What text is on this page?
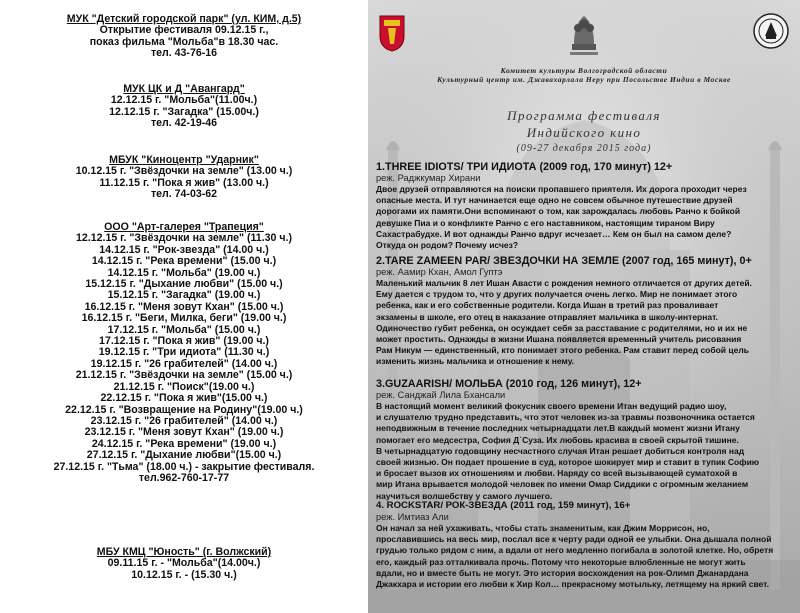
МУК "Детский городской парк" (ул. КИМ, д.5)
Открытие фестиваля 09.12.15 г.,
показ фильма "Мольба"в 18.30 час.
тел. 43-76-16
МУК ЦК и Д "Авангард"
12.12.15 г. "Мольба"(11.00ч.)
12.12.15 г. "Загадка" (15.00ч.)
тел. 42-19-46
МБУК "Киноцентр "Ударник"
10.12.15 г. "Звёздочки на земле" (13.00 ч.)
11.12.15 г. "Пока я жив" (13.00 ч.)
тел. 74-03-62
ООО "Арт-галерея "Трапеция"
12.12.15 г. "Звёздочки на земле" (11.30 ч.)
14.12.15 г. "Рок-звезда" (14.00 ч.)
14.12.15 г. "Река времени" (15.00 ч.)
14.12.15 г. "Мольба" (19.00 ч.)
15.12.15 г. "Дыхание любви" (15.00 ч.)
15.12.15 г. "Загадка" (19.00 ч.)
16.12.15 г. "Меня зовут Кхан" (15.00 ч.)
16.12.15 г. "Беги, Милка, беги" (19.00 ч.)
17.12.15 г. "Мольба" (15.00 ч.)
17.12.15 г. "Пока я жив" (19.00 ч.)
19.12.15 г. "Три идиота" (11.30 ч.)
19.12.15 г. "26 грабителей" (14.00 ч.)
21.12.15 г. "Звёздочки на земле" (15.00 ч.)
21.12.15 г. "Поиск"(19.00 ч.)
22.12.15 г. "Пока я жив"(15.00 ч.)
22.12.15 г. "Возвращение на Родину"(19.00 ч.)
23.12.15 г. "26 грабителей" (14.00 ч.)
23.12.15 г. "Меня зовут Кхан" (19.00 ч.)
24.12.15 г. "Река времени" (19.00 ч.)
27.12.15 г. "Дыхание любви"(15.00 ч.)
27.12.15 г. "Тьма" (18.00 ч.) - закрытие фестиваля.
тел.962-760-17-77
МБУ КМЦ "Юность" (г. Волжский)
09.11.15 г. - "Мольба"(14.00ч.)
10.12.15 г. - (15.30 ч.)
Комитет культуры Волгоградской области
Культурный центр им. Джавахарлала Неру при Посольстве Индии в Москве
Программа фестиваля
Индийского кино
(09-27 декабря 2015 года)
1.THREE IDIOTS/ ТРИ ИДИОТА (2009 год, 170 минут) 12+
реж. Раджкумар Хирани
Двое друзей отправляются на поиски пропавшего приятеля. Их дорога проходит через
опасные места. И тут начинается еще одно не совсем обычное путешествие друзей
дорогами их памяти.Они вспоминают о том, как зарождалась любовь Ранчо к бойкой
девушке Пиа и о конфликте Ранчо с его наставником, настоящим тираном Виру
Сахастрабудхе. И вот однажды Ранчо вдруг исчезает… Кем он был на самом деле?
Откуда он родом? Почему исчез?
2.TARE ZAMEEN PAR/ ЗВЕЗДОЧКИ НА ЗЕМЛЕ (2007 год, 165 минут), 0+
реж. Аамир Кхан, Амол Гуптэ
Маленький мальчик 8 лет Ишан Авасти с рождения немного отличается от других детей.
Ему дается с трудом то, что у других получается очень легко. Мир не понимает этого
ребенка, как и его собственные родители. Когда Ишан в третий раз проваливает
экзамены в школе, его отец в наказание отправляет мальчика в школу-интернат.
Одиночество губит ребенка, он осуждает себя за расставание с родителями, но и их не
может простить. Однажды в жизни Ишана появляется временный учитель рисования
Рам Никум — единственный, кто понимает этого ребенка. Рам ставит перед собой цель
изменить жизнь мальчика и отношение к нему.
3.GUZAARISH/ МОЛЬБА (2010 год, 126 минут), 12+
реж. Санджай Лила Бхансали
В настоящий момент великий фокусник своего времени Итан ведущий радио шоу,
и слушателю трудно представить, что этот человек из-за травмы позвоночника остается
неподвижным в течение последних четырнадцати лет.В каждый момент жизни Итану
помогает его медсестра, София Д`Суза. Их любовь красива в своей скрытой тишине.
В четырнадцатую годовщину несчастного случая Итан решает добиться контроля над
своей жизнью. Он подает прошение в суд, которое шокирует мир и ставит в тупик Софию
и бросает вызов их отношениям и любви. Наряду со всей вызывающей суматохой в
мир Итана врывается молодой человек по имени Омар Сиддики с огромным желанием
научиться волшебству у самого лучшего.
4. ROCKSTAR/ РОК-ЗВЕЗДА (2011 год, 159 минут), 16+
реж. Имтиаз Али
Он начал за ней ухаживать, чтобы стать знаменитым, как Джим Моррисон, но,
прославившись на весь мир, послал все к черту ради одной ее улыбки. Она дышала полной
грудью только рядом с ним, а вдали от него медленно погибала в золотой клетке. Но, обретя
его, каждый раз отталкивала прочь. Потому что некоторые влюбленные не могут жить
вдали, но и вместе быть не могут. Это история восхождения на рок-Олимп Джанардана
Джакхара и истории его любви к Хир Кол… прекрасному мотыльку, летящему на яркий свет.
